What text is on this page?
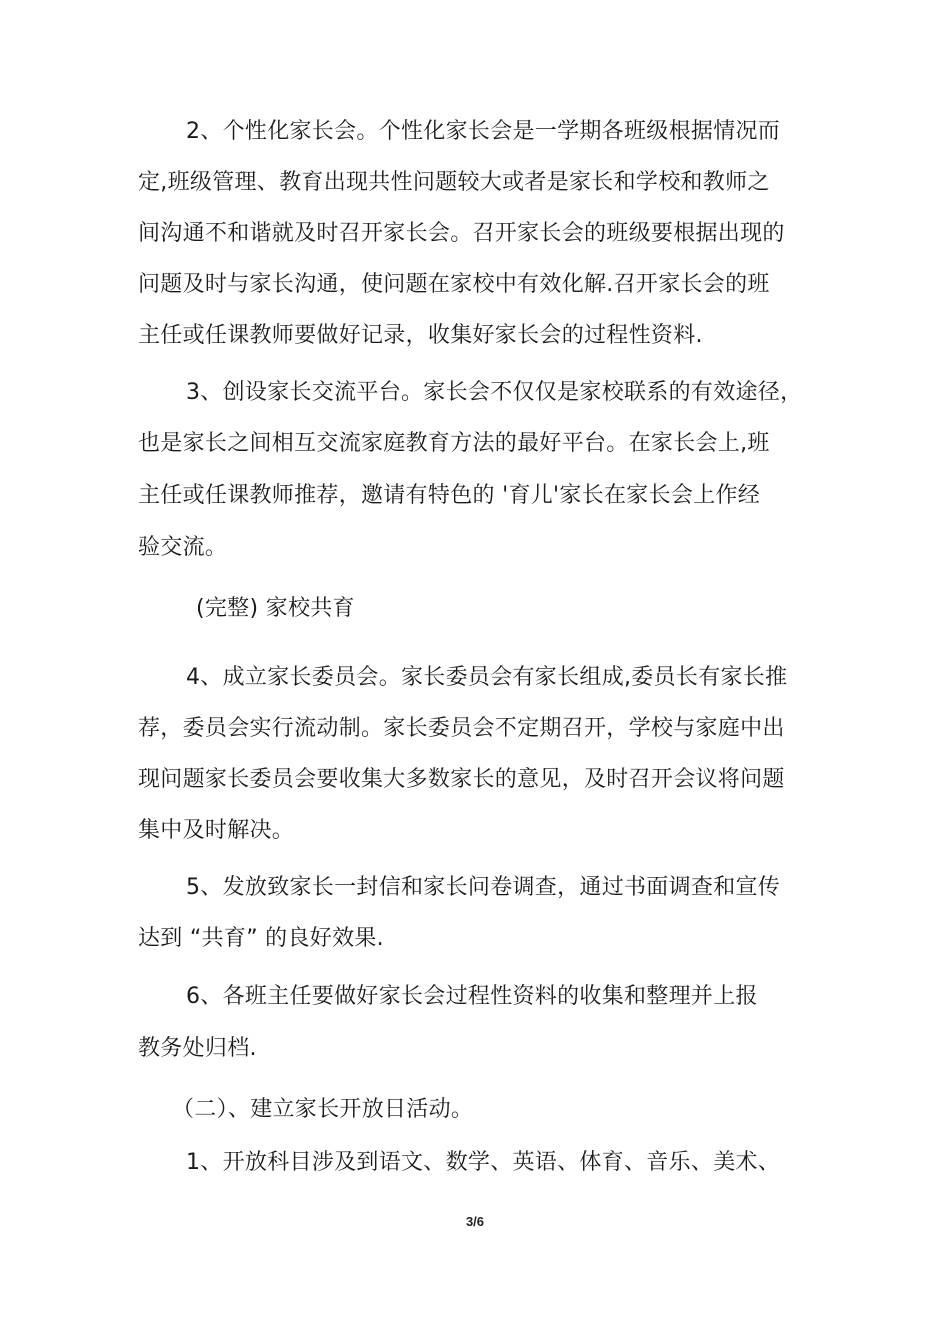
2、个性化家长会。个性化家长会是一学期各班级根据情况而
定,班级管理、教育出现共性问题较大或者是家长和学校和教师之
间沟通不和谐就及时召开家长会。召开家长会的班级要根据出现的
问题及时与家长沟通，使问题在家校中有效化解.召开家长会的班
主任或任课教师要做好记录，收集好家长会的过程性资料.
3、创设家长交流平台。家长会不仅仅是家校联系的有效途径，
也是家长之间相互交流家庭教育方法的最好平台。在家长会上,班
主任或任课教师推荐，邀请有特色的 '育儿'家长在家长会上作经
验交流。
(完整) 家校共育
4、成立家长委员会。家长委员会有家长组成,委员长有家长推
荐，委员会实行流动制。家长委员会不定期召开，学校与家庭中出
现问题家长委员会要收集大多数家长的意见，及时召开会议将问题
集中及时解决。
5、发放致家长一封信和家长问卷调查，通过书面调查和宣传
达到 “共育” 的良好效果.
6、各班主任要做好家长会过程性资料的收集和整理并上报
教务处归档.
（二）、建立家长开放日活动。
1、开放科目涉及到语文、数学、英语、体育、音乐、美术、
3/6
